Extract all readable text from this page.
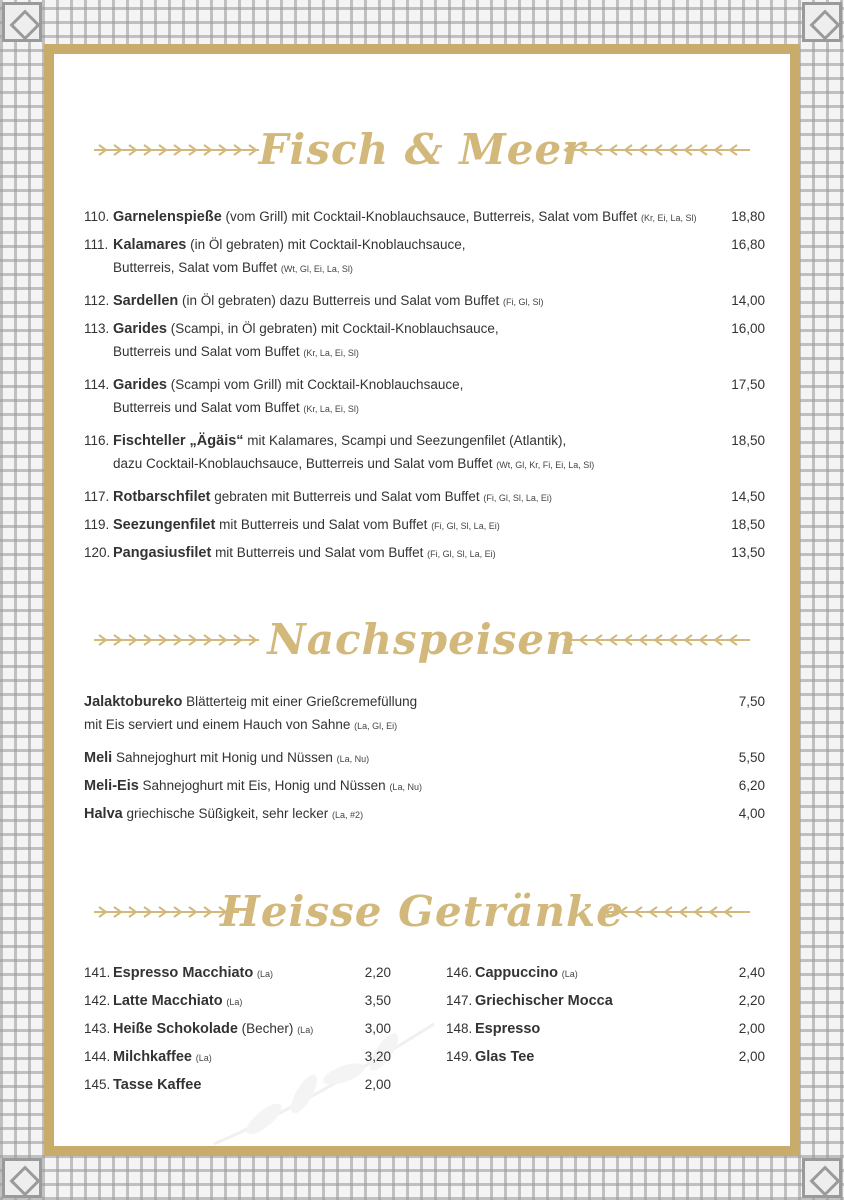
Fisch & Meer
110. Garnelenspieße (vom Grill) mit Cocktail-Knoblauchsauce, Butterreis, Salat vom Buffet (Kr, Ei, La, Sl)	18,80
111. Kalamares (in Öl gebraten) mit Cocktail-Knoblauchsauce,
Butterreis, Salat vom Buffet (Wt, Gl, Ei, La, Sl)
16,80
112. Sardellen (in Öl gebraten) dazu Butterreis und Salat vom Buffet (Fi, Gl, Sl)	14,00
113. Garides (Scampi, in Öl gebraten) mit Cocktail-Knoblauchsauce,
Butterreis und Salat vom Buffet (Kr, La, Ei, Sl)
16,00
114. Garides (Scampi vom Grill) mit Cocktail-Knoblauchsauce,
Butterreis und Salat vom Buffet (Kr, La, Ei, Sl)
17,50
116. Fischteller „Ägäis“ mit Kalamares, Scampi und Seezungenfilet (Atlantik),
dazu Cocktail-Knoblauchsauce, Butterreis und Salat vom Buffet (Wt, Gl, Kr, Fi, Ei, La, Sl)
18,50
117. Rotbarschfilet gebraten mit Butterreis und Salat vom Buffet (Fi, Gl, Sl, La, Ei)	14,50
119. Seezungenfilet mit Butterreis und Salat vom Buffet (Fi, Gl, Sl, La, Ei)	18,50
120. Pangasiusfilet mit Butterreis und Salat vom Buffet (Fi, Gl, Sl, La, Ei)	13,50
Nachspeisen
Jalaktobureko Blätterteig mit einer Grießcremefüllung
mit Eis serviert und einem Hauch von Sahne (La, Gl, Ei)
7,50
Meli Sahnejoghurt mit Honig und Nüssen (La, Nu)	5,50
Meli-Eis Sahnejoghurt mit Eis, Honig und Nüssen (La, Nu)	6,20
Halva griechische Süßigkeit, sehr lecker (La, #2)	4,00
Heisse Getränke
141. Espresso Macchiato (La)	2,20
142. Latte Macchiato (La)	3,50
143. Heiße Schokolade (Becher) (La)	3,00
144. Milchkaffee (La)	3,20
145. Tasse Kaffee	2,00
146. Cappuccino (La)	2,40
147. Griechischer Mocca	2,20
148. Espresso	2,00
149. Glas Tee	2,00
